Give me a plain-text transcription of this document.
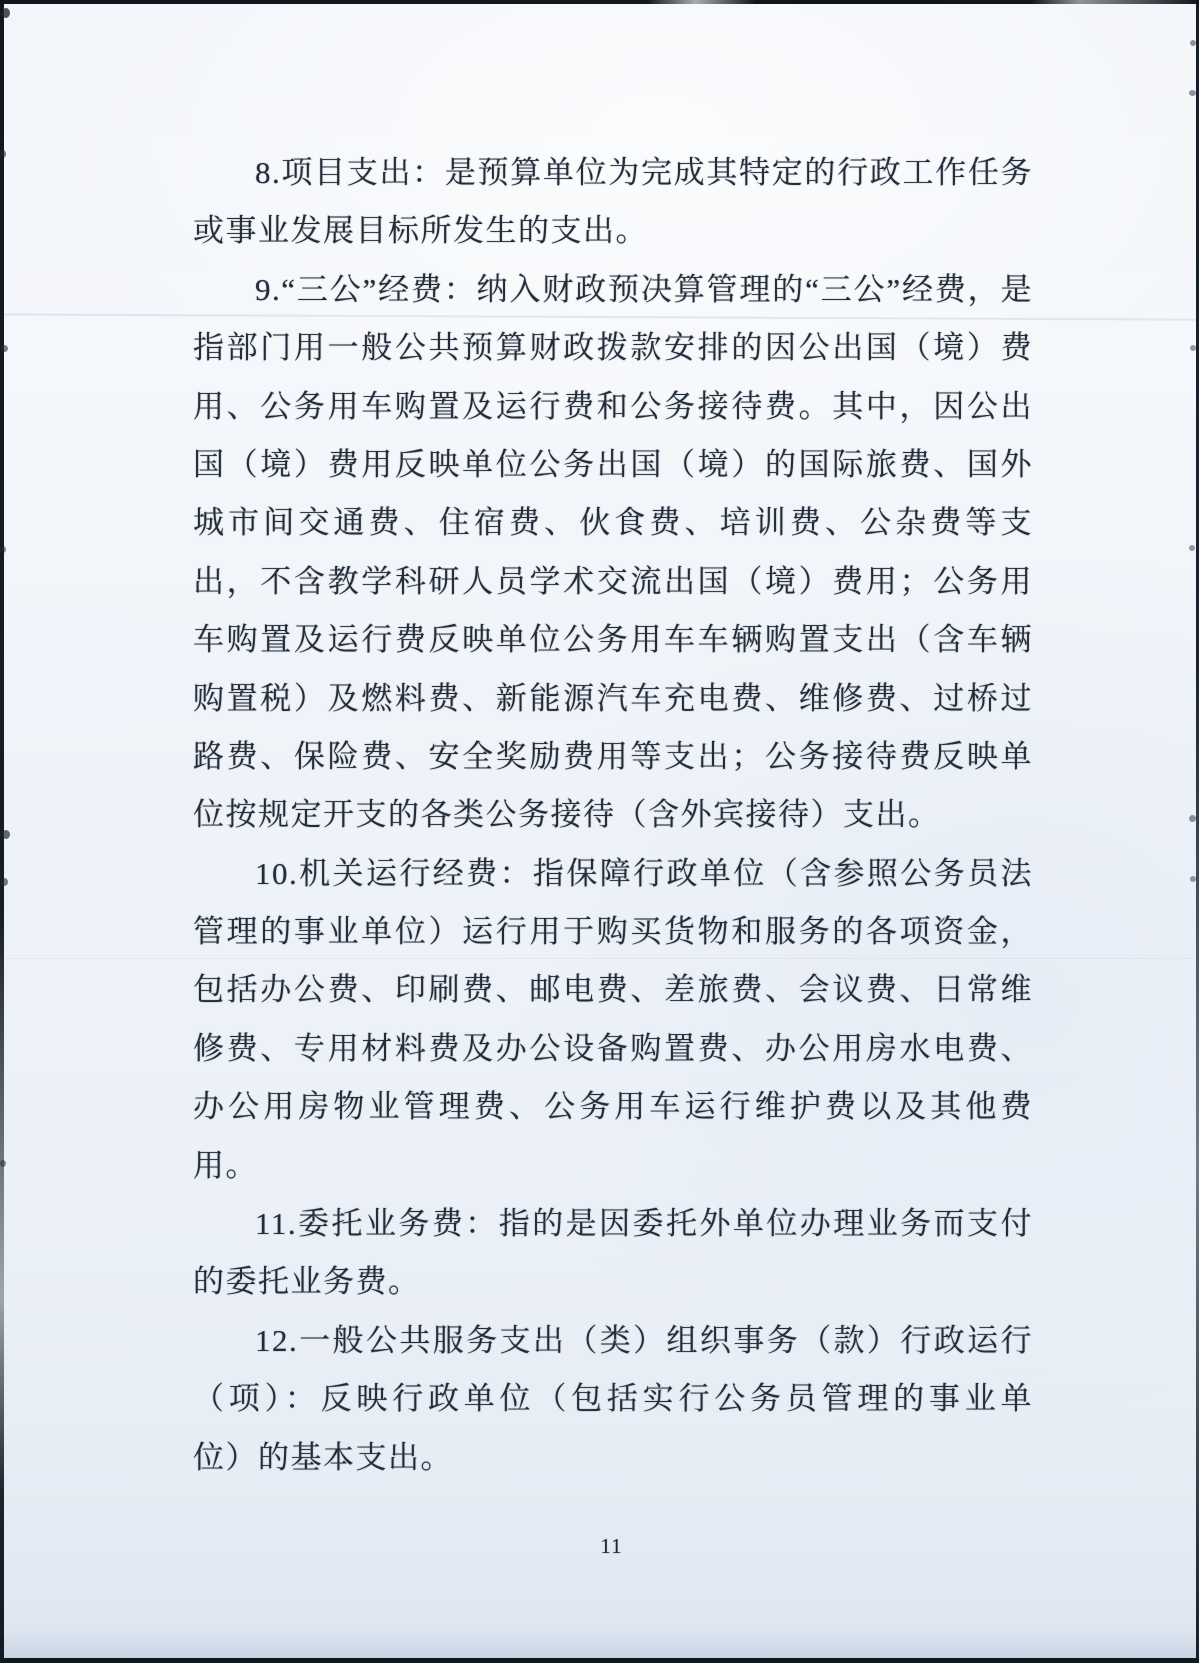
8.项目支出：是预算单位为完成其特定的行政工作任务
或事业发展目标所发生的支出。
9.“三公”经费：纳入财政预决算管理的“三公”经费，是
指部门用一般公共预算财政拨款安排的因公出国（境）费
用、公务用车购置及运行费和公务接待费。其中，因公出
国（境）费用反映单位公务出国（境）的国际旅费、国外
城市间交通费、住宿费、伙食费、培训费、公杂费等支
出，不含教学科研人员学术交流出国（境）费用；公务用
车购置及运行费反映单位公务用车车辆购置支出（含车辆
购置税）及燃料费、新能源汽车充电费、维修费、过桥过
路费、保险费、安全奖励费用等支出；公务接待费反映单
位按规定开支的各类公务接待（含外宾接待）支出。
10.机关运行经费：指保障行政单位（含参照公务员法
管理的事业单位）运行用于购买货物和服务的各项资金，
包括办公费、印刷费、邮电费、差旅费、会议费、日常维
修费、专用材料费及办公设备购置费、办公用房水电费、
办公用房物业管理费、公务用车运行维护费以及其他费
用。
11.委托业务费：指的是因委托外单位办理业务而支付
的委托业务费。
12.一般公共服务支出（类）组织事务（款）行政运行
（项）：反映行政单位（包括实行公务员管理的事业单
位）的基本支出。
11
